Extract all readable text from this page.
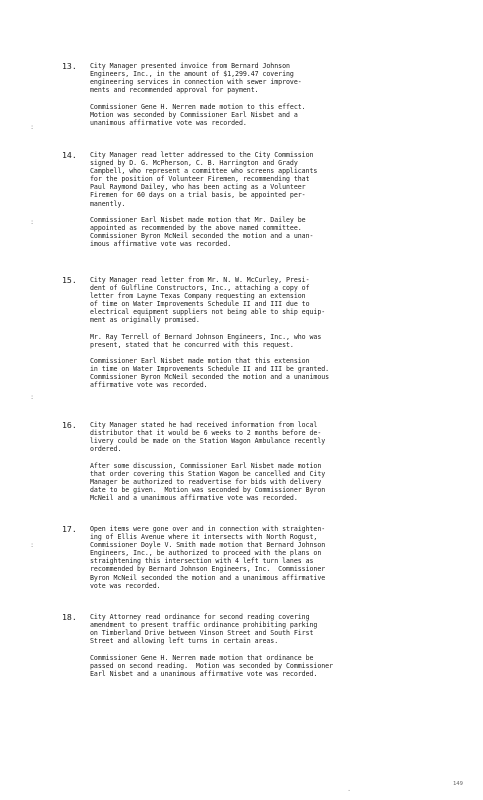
13. City Manager presented invoice from Bernard Johnson
Engineers, Inc., in the amount of $1,299.47 covering
engineering services in connection with sewer improve-
ments and recommended approval for payment.
Commissioner Gene H. Nerren made motion to this effect.
Motion was seconded by Commissioner Earl Nisbet and a
unanimous affirmative vote was recorded.
14. City Manager read letter addressed to the City Commission
signed by D. G. McPherson, C. B. Harrington and Grady
Campbell, who represent a committee who screens applicants
for the position of Volunteer Firemen, recommending that
Paul Raymond Dailey, who has been acting as a Volunteer
Firemen for 60 days on a trial basis, be appointed per-
manently.
Commissioner Earl Nisbet made motion that Mr. Dailey be
appointed as recommended by the above named committee.
Commissioner Byron McNeil seconded the motion and a unan-
imous affirmative vote was recorded.
15. City Manager read letter from Mr. N. W. McCurley, Presi-
dent of Gulfline Constructors, Inc., attaching a copy of
letter from Layne Texas Company requesting an extension
of time on Water Improvements Schedule II and III due to
electrical equipment suppliers not being able to ship equip-
ment as originally promised.
Mr. Ray Terrell of Bernard Johnson Engineers, Inc., who was
present, stated that he concurred with this request.
Commissioner Earl Nisbet made motion that this extension
in time on Water Improvements Schedule II and III be granted.
Commissioner Byron McNeil seconded the motion and a unanimous
affirmative vote was recorded.
16. City Manager stated he had received information from local
distributor that it would be 6 weeks to 2 months before de-
livery could be made on the Station Wagon Ambulance recently
ordered.
After some discussion, Commissioner Earl Nisbet made motion
that order covering this Station Wagon be cancelled and City
Manager be authorized to readvertise for bids with delivery
date to be given.  Motion was seconded by Commissioner Byron
McNeil and a unanimous affirmative vote was recorded.
17. Open items were gone over and in connection with straighten-
ing of Ellis Avenue where it intersects with North Rogust,
Commissioner Doyle V. Smith made motion that Bernard Johnson
Engineers, Inc., be authorized to proceed with the plans on
straightening this intersection with 4 left turn lanes as
recommended by Bernard Johnson Engineers, Inc.  Commissioner
Byron McNeil seconded the motion and a unanimous affirmative
vote was recorded.
18. City Attorney read ordinance for second reading covering
amendment to present traffic ordinance prohibiting parking
on Timberland Drive between Vinson Street and South First
Street and allowing left turns in certain areas.
Commissioner Gene H. Nerren made motion that ordinance be
passed on second reading.  Motion was seconded by Commissioner
Earl Nisbet and a unanimous affirmative vote was recorded.
:
:
:
:
.
149
